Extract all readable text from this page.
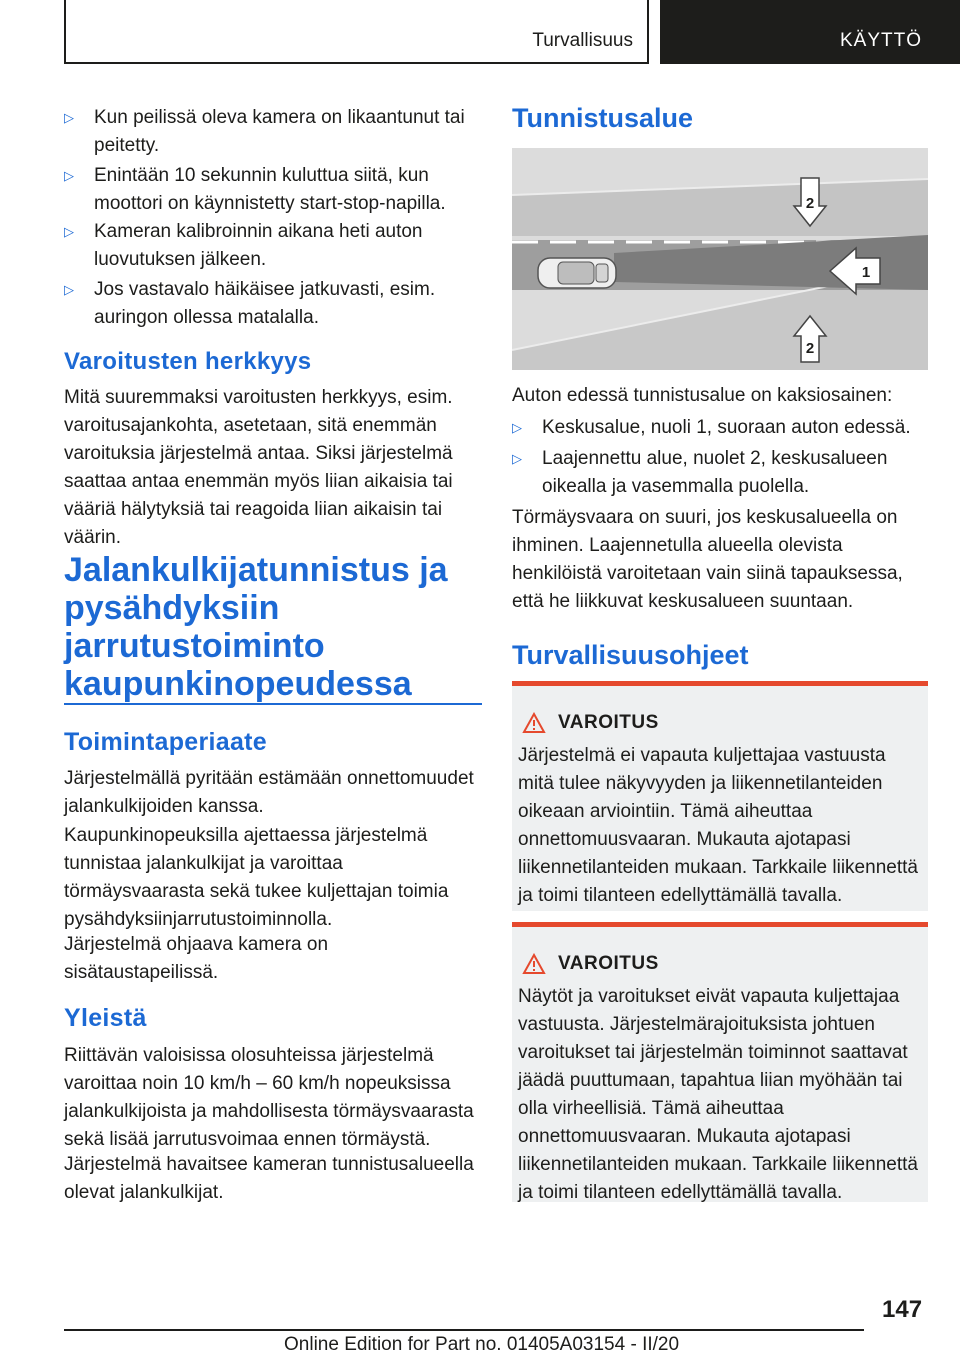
Turvallisuus	KÄYTTÖ
▷ Kun peilissä oleva kamera on likaantunut tai peitetty.
▷ Enintään 10 sekunnin kuluttua siitä, kun moottori on käynnistetty start-stop-napilla.
▷ Kameran kalibroinnin aikana heti auton luovutuksen jälkeen.
▷ Jos vastavalo häikäisee jatkuvasti, esim. auringon ollessa matalalla.
Varoitusten herkkyys
Mitä suuremmaksi varoitusten herkkyys, esim. varoitusajankohta, asetetaan, sitä enemmän varoituksia järjestelmä antaa. Siksi järjestelmä saattaa antaa enemmän myös liian aikaisia tai vääriä hälytyksiä tai reagoida liian aikaisin tai väärin.
Jalankulkijatunnistus ja
pysähdyksiin
jarrutustoiminto
kaupunkinopeudessa
Toimintaperiaate
Järjestelmällä pyritään estämään onnettomuudet jalankulkijoiden kanssa.
Kaupunkinopeuksilla ajettaessa järjestelmä tunnistaa jalankulkijat ja varoittaa törmäysvaarasta sekä tukee kuljettajan toimia pysähdyksiinjarrutustoiminnolla.
Järjestelmä ohjaava kamera on sisätaustapeilissä.
Yleistä
Riittävän valoisissa olosuhteissa järjestelmä varoittaa noin 10 km/h – 60 km/h nopeuksissa jalankulkijoista ja mahdollisesta törmäysvaarasta sekä lisää jarrutusvoimaa ennen törmäystä.
Järjestelmä havaitsee kameran tunnistusalueella olevat jalankulkijat.
Tunnistusalue
2
1
2
Auton edessä tunnistusalue on kaksiosainen:
▷ Keskusalue, nuoli 1, suoraan auton edessä.
▷ Laajennettu alue, nuolet 2, keskusalueen oikealla ja vasemmalla puolella.
Törmäysvaara on suuri, jos keskusalueella on ihminen. Laajennetulla alueella olevista henkilöistä varoitetaan vain siinä tapauksessa, että he liikkuvat keskusalueen suuntaan.
Turvallisuusohjeet
VAROITUS
Järjestelmä ei vapauta kuljettajaa vastuusta mitä tulee näkyvyyden ja liikennetilanteiden oikeaan arviointiin. Tämä aiheuttaa onnettomuusvaaran. Mukauta ajotapasi liikennetilanteiden mukaan. Tarkkaile liikennettä ja toimi tilanteen edellyttämällä tavalla.
VAROITUS
Näytöt ja varoitukset eivät vapauta kuljettajaa vastuusta. Järjestelmärajoituksista johtuen varoitukset tai järjestelmän toiminnot saattavat jäädä puuttumaan, tapahtua liian myöhään tai olla virheellisiä. Tämä aiheuttaa onnettomuusvaaran. Mukauta ajotapasi liikennetilanteiden mukaan. Tarkkaile liikennettä ja toimi tilanteen edellyttämällä tavalla.
147
Online Edition for Part no. 01405A03154 - II/20
